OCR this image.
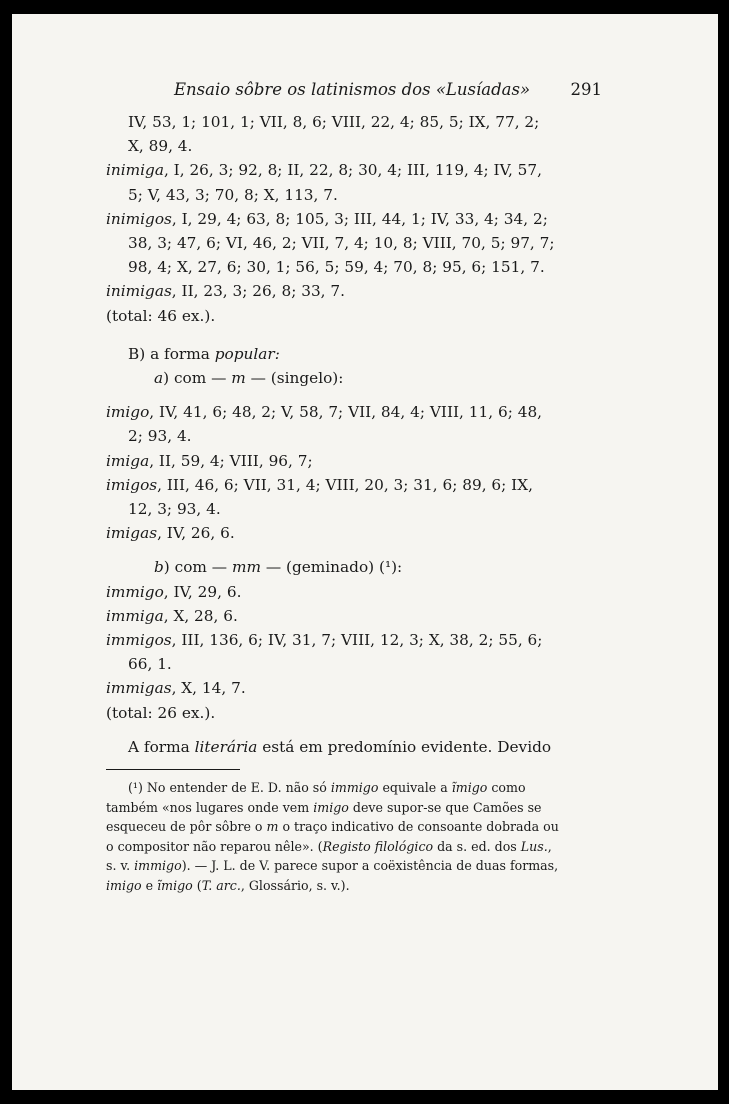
Ensaio sôbre os latinismos dos «Lusíadas» 291
IV, 53, 1; 101, 1; VII, 8, 6; VIII, 22, 4; 85, 5; IX, 77, 2;
X, 89, 4.
inimiga, I, 26, 3; 92, 8; II, 22, 8; 30, 4; III, 119, 4; IV, 57,
5; V, 43, 3; 70, 8; X, 113, 7.
inimigos, I, 29, 4; 63, 8; 105, 3; III, 44, 1; IV, 33, 4; 34, 2;
38, 3; 47, 6; VI, 46, 2; VII, 7, 4; 10, 8; VIII, 70, 5; 97, 7;
98, 4; X, 27, 6; 30, 1; 56, 5; 59, 4; 70, 8; 95, 6; 151, 7.
inimigas, II, 23, 3; 26, 8; 33, 7.
(total: 46 ex.).
B) a forma popular:
a) com — m — (singelo):
imigo, IV, 41, 6; 48, 2; V, 58, 7; VII, 84, 4; VIII, 11, 6; 48,
2; 93, 4.
imiga, II, 59, 4; VIII, 96, 7;
imigos, III, 46, 6; VII, 31, 4; VIII, 20, 3; 31, 6; 89, 6; IX,
12, 3; 93, 4.
imigas, IV, 26, 6.
b) com — mm — (geminado) (¹):
immigo, IV, 29, 6.
immiga, X, 28, 6.
immigos, III, 136, 6; IV, 31, 7; VIII, 12, 3; X, 38, 2; 55, 6;
66, 1.
immigas, X, 14, 7.
(total: 26 ex.).
A forma literária está em predomínio evidente. Devido
(¹) No entender de E. D. não só immigo equivale a ĩmigo como
também «nos lugares onde vem imigo deve supor-se que Camões se
esqueceu de pôr sôbre o m o traço indicativo de consoante dobrada ou
o compositor não reparou nêle». (Registo filológico da s. ed. dos Lus.,
s. v. immigo). — J. L. de V. parece supor a coëxistência de duas formas,
imigo e ĩmigo (T. arc., Glossário, s. v.).
